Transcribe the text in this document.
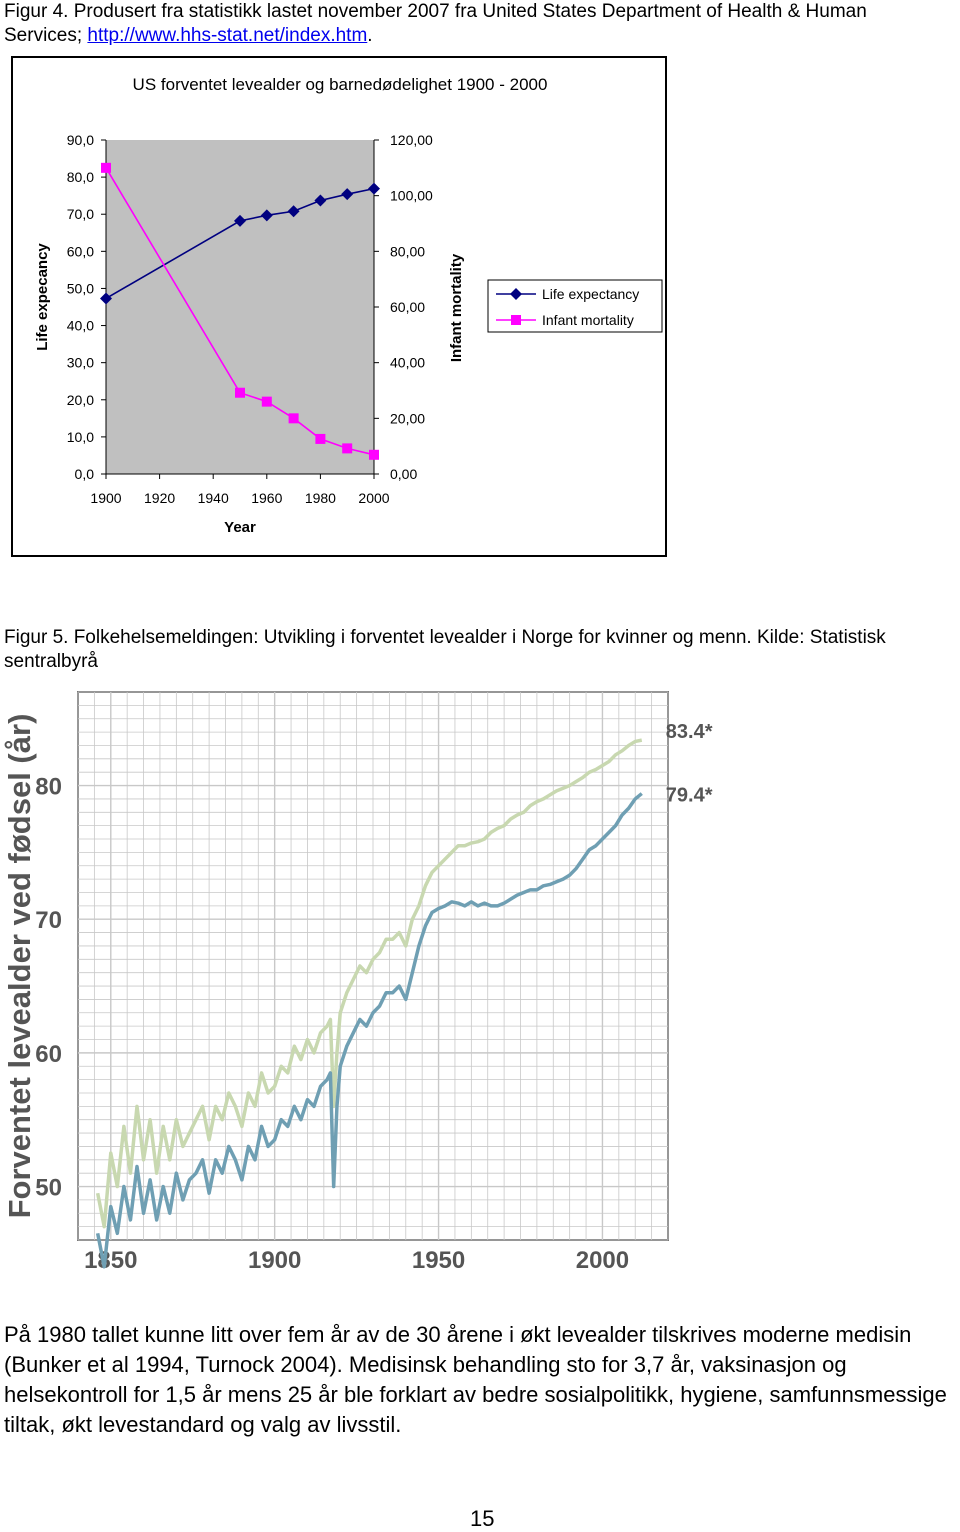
Figur 4. Produsert fra statistikk lastet november 2007 fra United States Department of Health & Human Services; http://www.hhs-stat.net/index.htm.
US forventet levealder og barnedødelighet 1900 - 2000
0,0
10,0
20,0
30,0
40,0
50,0
60,0
70,0
80,0
90,0
0,00
20,00
40,00
60,00
80,00
100,00
120,00
1900 1920 1940 1960 1980 2000
Year
Life expecancy	Infant mortality	Life expectancy
Infant mortality
Figur 5. Folkehelsemeldingen: Utvikling i forventet levealder i Norge for kvinner og menn. Kilde: Statistisk sentralbyrå
50
60
70
80
1850	1900	1950	2000
Forventet levealder ved fødsel (år)	83.4*
79.4*
På 1980 tallet kunne litt over fem år av de 30 årene i økt levealder tilskrives moderne medisin (Bunker et al 1994, Turnock 2004). Medisinsk behandling sto for 3,7 år, vaksinasjon og helsekontroll for 1,5 år mens 25 år ble forklart av bedre sosialpolitikk, hygiene, samfunnsmessige tiltak, økt levestandard og valg av livsstil.
15
